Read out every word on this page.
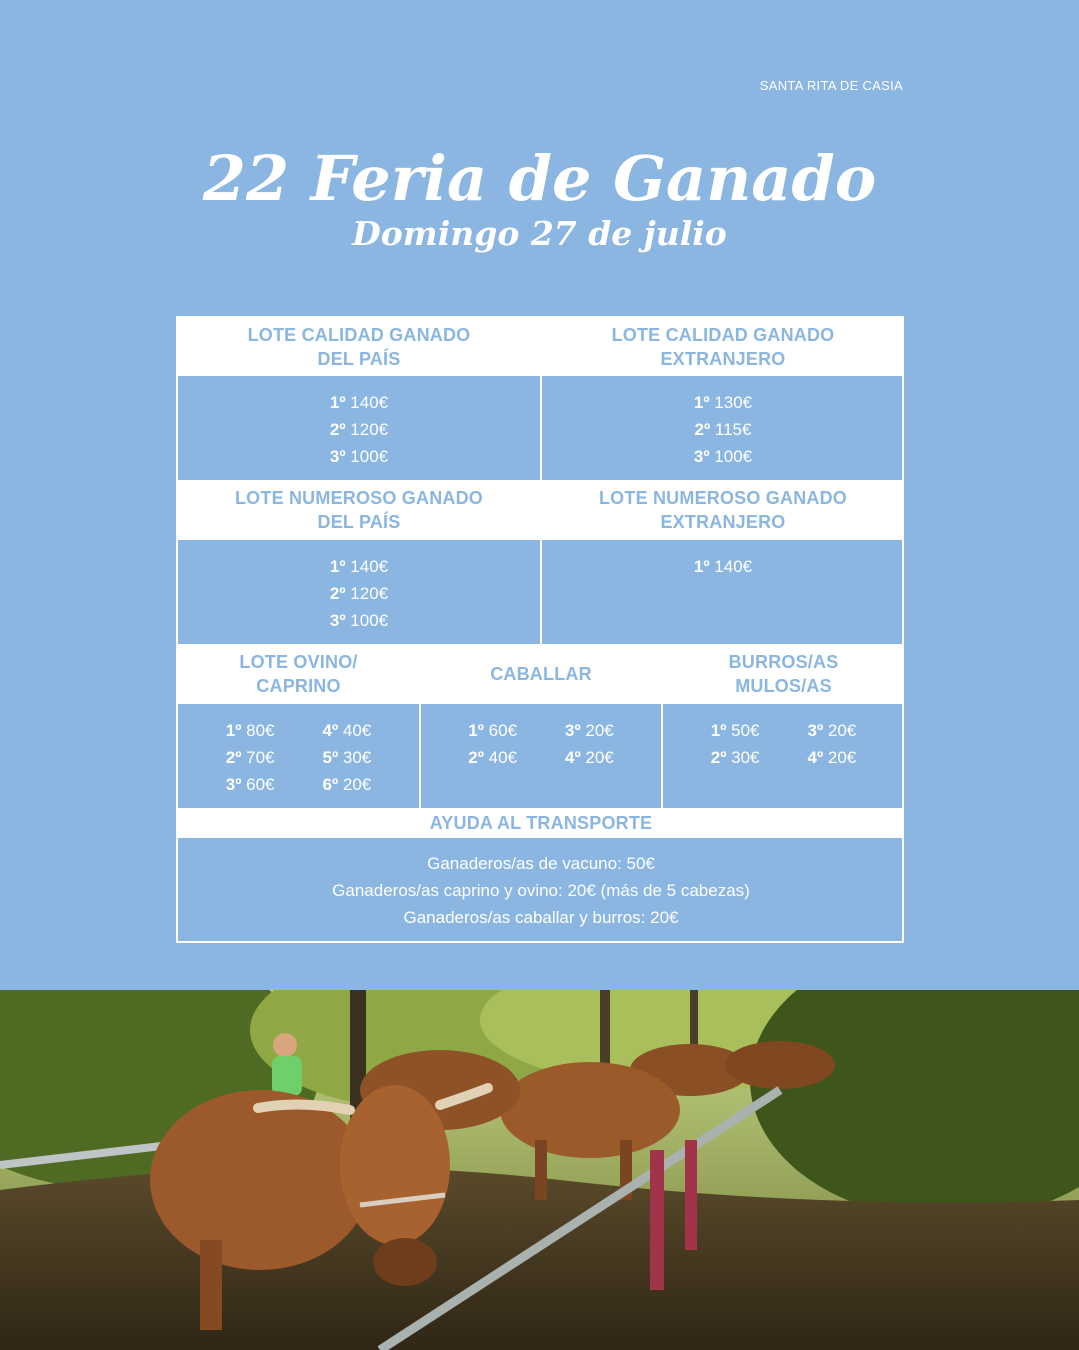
SANTA RITA DE CASIA
22 Feria de Ganado
Domingo 27 de julio
LOTE CALIDAD GANADO
DEL PAÍS
LOTE CALIDAD GANADO
EXTRANJERO
1º 140€
2º 120€
3º 100€
1º 130€
2º 115€
3º 100€
LOTE NUMEROSO GANADO
DEL PAÍS
LOTE NUMEROSO GANADO
EXTRANJERO
1º 140€
2º 120€
3º 100€
1º 140€
LOTE OVINO/
CAPRINO
CABALLAR
BURROS/AS
MULOS/AS
1º 80€
2º 70€
3º 60€
4º 40€
5º 30€
6º 20€
1º 60€
2º 40€
3º 20€
4º 20€
1º 50€
2º 30€
3º 20€
4º 20€
AYUDA AL TRANSPORTE
Ganaderos/as de vacuno: 50€
Ganaderos/as caprino y ovino: 20€ (más de 5 cabezas)
Ganaderos/as caballar y burros: 20€
